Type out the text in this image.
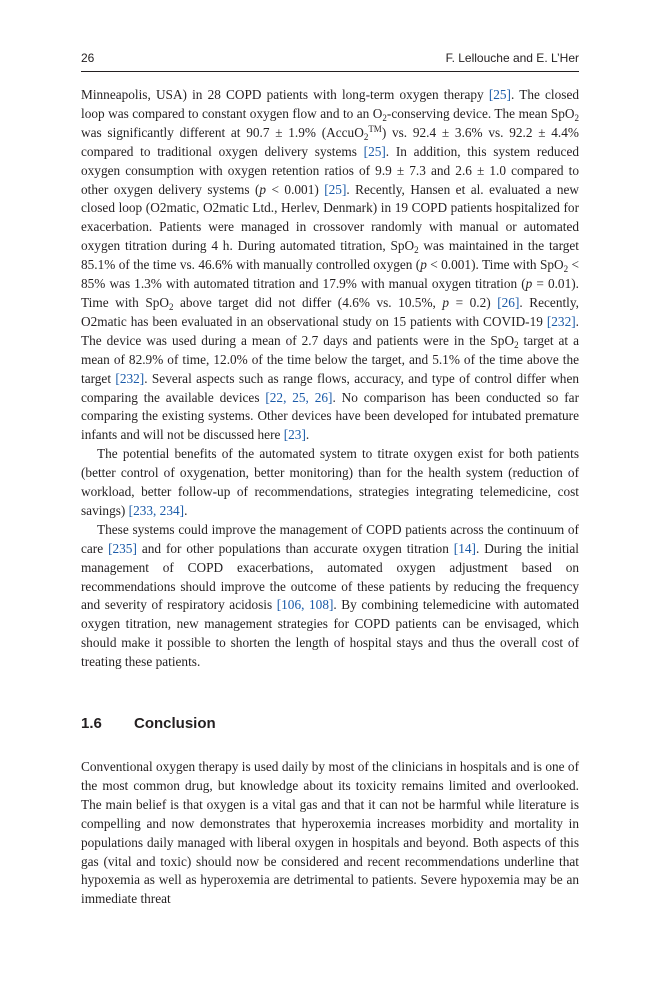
26	F. Lellouche and E. L’Her

Minneapolis, USA) in 28 COPD patients with long-term oxygen therapy [25]. The closed loop was compared to constant oxygen flow and to an $O_2$-conserving device. The mean SpO$_2$ was significantly different at 90.7 ± 1.9% (AccuO$_2$™) vs. 92.4 ± 3.6% vs. 92.2 ± 4.4% compared to traditional oxygen delivery systems [25]. In addition, this system reduced oxygen consumption with oxygen retention ratios of 9.9 ± 7.3 and 2.6 ± 1.0 compared to other oxygen delivery systems (p < 0.001) [25]. Recently, Hansen et al. evaluated a new closed loop (O2matic, O2matic Ltd., Herlev, Denmark) in 19 COPD patients hospitalized for exacerbation. Patients were managed in crossover randomly with manual or automated oxygen titration during 4 h. During automated titration, SpO$_2$ was maintained in the target 85.1% of the time vs. 46.6% with manually controlled oxygen (p < 0.001). Time with SpO$_2$ < 85% was 1.3% with automated titration and 17.9% with manual oxygen titration (p = 0.01). Time with SpO$_2$ above target did not differ (4.6% vs. 10.5%, p = 0.2) [26]. Recently, O2matic has been evaluated in an observational study on 15 patients with COVID-19 [232]. The device was used during a mean of 2.7 days and patients were in the SpO$_2$ target at a mean of 82.9% of time, 12.0% of the time below the target, and 5.1% of the time above the target [232]. Several aspects such as range flows, accuracy, and type of control differ when comparing the available devices [22, 25, 26]. No comparison has been conducted so far comparing the existing systems. Other devices have been developed for intubated premature infants and will not be discussed here [23].

The potential benefits of the automated system to titrate oxygen exist for both patients (better control of oxygenation, better monitoring) than for the health system (reduction of workload, better follow-up of recommendations, strategies integrating telemedicine, cost savings) [233, 234].

These systems could improve the management of COPD patients across the continuum of care [235] and for other populations than accurate oxygen titration [14]. During the initial management of COPD exacerbations, automated oxygen adjustment based on recommendations should improve the outcome of these patients by reducing the frequency and severity of respiratory acidosis [106, 108]. By combining telemedicine with automated oxygen titration, new management strategies for COPD patients can be envisaged, which should make it possible to shorten the length of hospital stays and thus the overall cost of treating these patients.

1.6 Conclusion

Conventional oxygen therapy is used daily by most of the clinicians in hospitals and is one of the most common drug, but knowledge about its toxicity remains limited and overlooked. The main belief is that oxygen is a vital gas and that it can not be harmful while literature is compelling and now demonstrates that hyperoxemia increases morbidity and mortality in populations daily managed with liberal oxygen in hospitals and beyond. Both aspects of this gas (vital and toxic) should now be considered and recent recommendations underline that hypoxemia as well as hyperoxemia are detrimental to patients. Severe hypoxemia may be an immediate threat
